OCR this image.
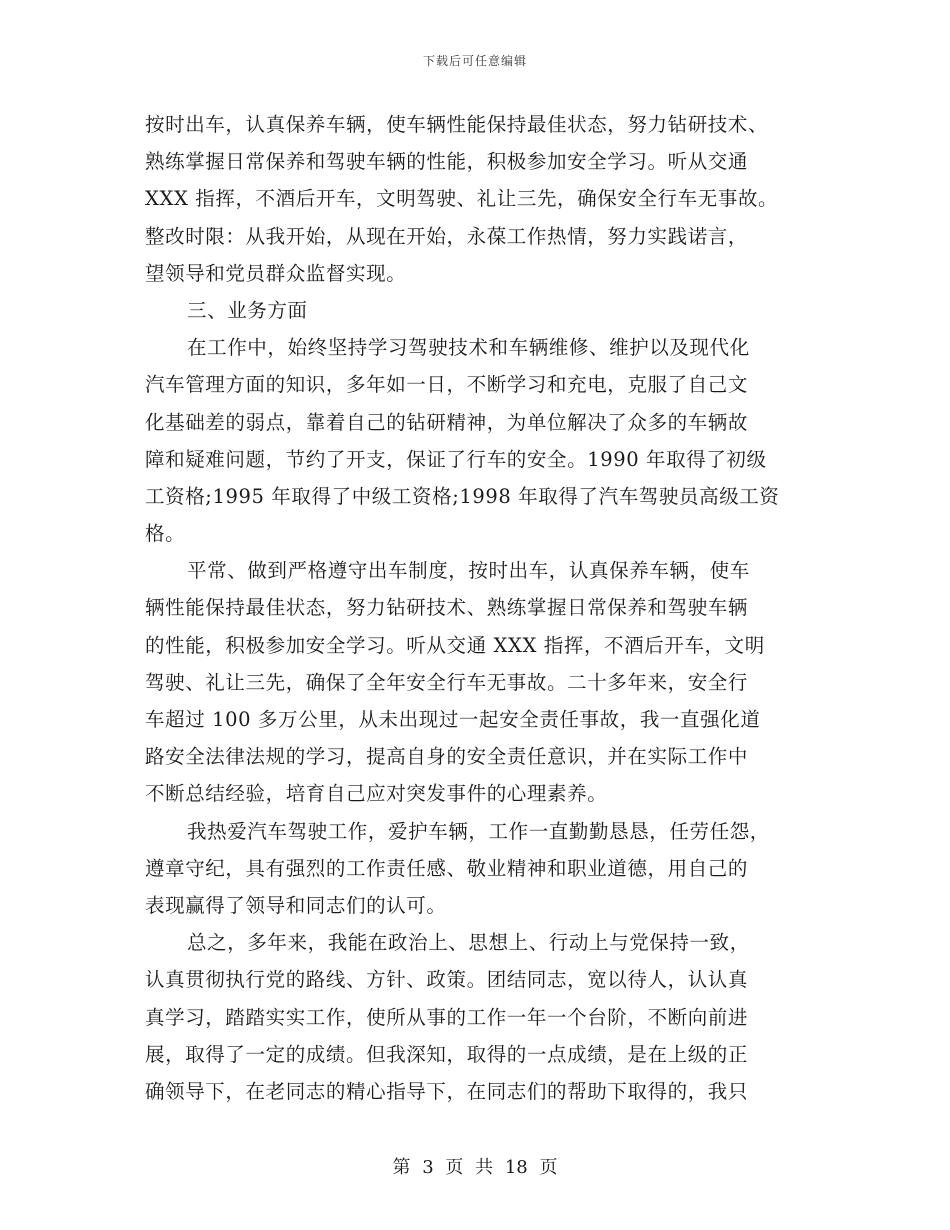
下载后可任意编辑
按时出车，认真保养车辆，使车辆性能保持最佳状态，努力钻研技术、
熟练掌握日常保养和驾驶车辆的性能，积极参加安全学习。听从交通
XXX 指挥，不酒后开车，文明驾驶、礼让三先，确保安全行车无事故。
整改时限：从我开始，从现在开始，永葆工作热情，努力实践诺言，
望领导和党员群众监督实现。
三、业务方面
在工作中，始终坚持学习驾驶技术和车辆维修、维护以及现代化
汽车管理方面的知识，多年如一日，不断学习和充电，克服了自己文
化基础差的弱点，靠着自己的钻研精神，为单位解决了众多的车辆故
障和疑难问题，节约了开支，保证了行车的安全。1990 年取得了初级
工资格;1995 年取得了中级工资格;1998 年取得了汽车驾驶员高级工资
格。
平常、做到严格遵守出车制度，按时出车，认真保养车辆，使车
辆性能保持最佳状态，努力钻研技术、熟练掌握日常保养和驾驶车辆
的性能，积极参加安全学习。听从交通 XXX 指挥，不酒后开车，文明
驾驶、礼让三先，确保了全年安全行车无事故。二十多年来，安全行
车超过 100 多万公里，从未出现过一起安全责任事故，我一直强化道
路安全法律法规的学习，提高自身的安全责任意识，并在实际工作中
不断总结经验，培育自己应对突发事件的心理素养。
我热爱汽车驾驶工作，爱护车辆，工作一直勤勤恳恳，任劳任怨，
遵章守纪，具有强烈的工作责任感、敬业精神和职业道德，用自己的
表现赢得了领导和同志们的认可。
总之，多年来，我能在政治上、思想上、行动上与党保持一致，
认真贯彻执行党的路线、方针、政策。团结同志，宽以待人，认认真
真学习，踏踏实实工作，使所从事的工作一年一个台阶，不断向前进
展，取得了一定的成绩。但我深知，取得的一点成绩，是在上级的正
确领导下，在老同志的精心指导下，在同志们的帮助下取得的，我只
第 3 页 共 18 页
